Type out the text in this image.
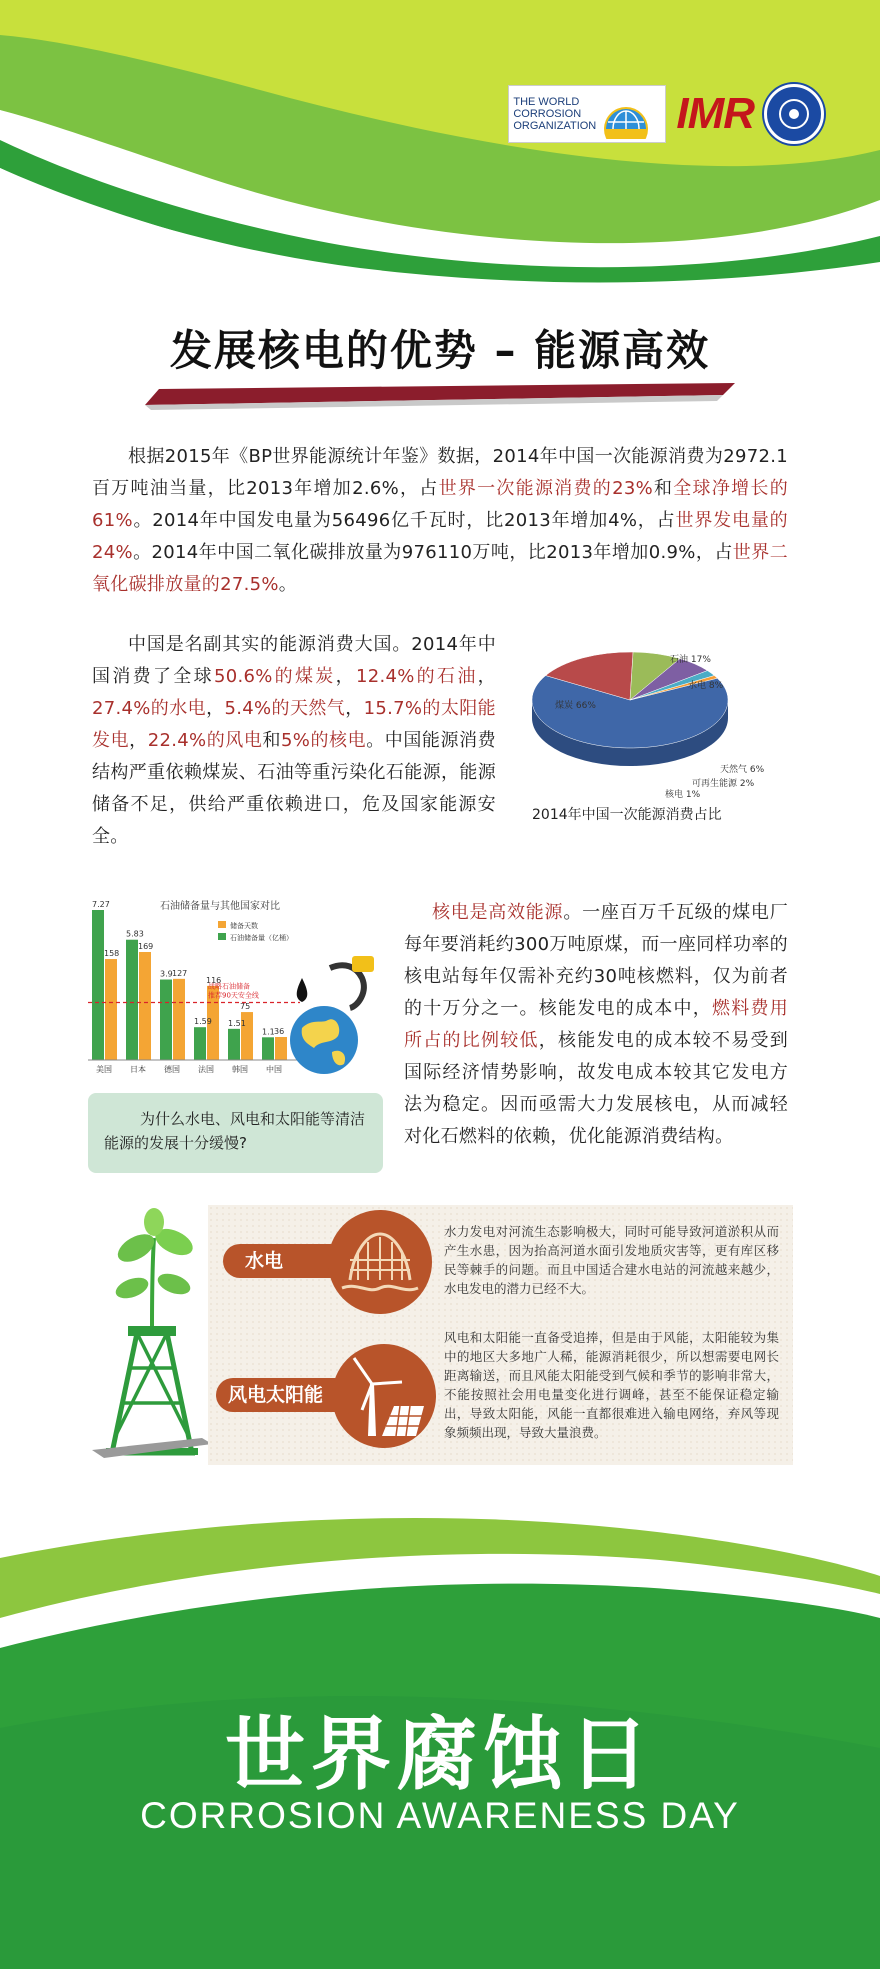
THE WORLD
CORROSION
ORGANIZATION IMR
发展核电的优势 – 能源高效
根据2015年《BP世界能源统计年鉴》数据，2014年中国一次能源消费为2972.1百万吨油当量，比2013年增加2.6%，占世界一次能源消费的23%和全球净增长的61%。2014年中国发电量为56496亿千瓦时，比2013年增加4%，占世界发电量的24%。2014年中国二氧化碳排放量为976110万吨，比2013年增加0.9%，占世界二氧化碳排放量的27.5%。
中国是名副其实的能源消费大国。2014年中国消费了全球50.6%的煤炭，12.4%的石油，27.4%的水电，5.4%的天然气，15.7%的太阳能发电，22.4%的风电和5%的核电。中国能源消费结构严重依赖煤炭、石油等重污染化石能源，能源储备不足，供给严重依赖进口，危及国家能源安全。
煤炭 66%
石油 17%
水电 8%
天然气 6%
可再生能源 2%
核电 1%
2014年中国一次能源消费占比
石油储备量与其他国家对比
储备天数
石油储备量（亿桶）
7.27
158
美国
5.83
169
日本
3.9 127
德国
1.59
116
法国
1.51
75
韩国
1.1 36
中国
战略石油储备
推荐90天安全线
为什么水电、风电和太阳能等清洁能源的发展十分缓慢?
核电是高效能源。一座百万千瓦级的煤电厂每年要消耗约300万吨原煤，而一座同样功率的核电站每年仅需补充约30吨核燃料，仅为前者的十万分之一。核能发电的成本中，燃料费用所占的比例较低，核能发电的成本较不易受到国际经济情势影响，故发电成本较其它发电方法为稳定。因而亟需大力发展核电，从而减轻对化石燃料的依赖，优化能源消费结构。
水电
水力发电对河流生态影响极大，同时可能导致河道淤积从而产生水患，因为抬高河道水面引发地质灾害等，更有库区移民等棘手的问题。而且中国适合建水电站的河流越来越少，水电发电的潜力已经不大。
风电太阳能
风电和太阳能一直备受追捧，但是由于风能，太阳能较为集中的地区大多地广人稀，能源消耗很少，所以想需要电网长距离输送，而且风能太阳能受到气候和季节的影响非常大，不能按照社会用电量变化进行调峰，甚至不能保证稳定输出，导致太阳能，风能一直都很难进入输电网络，弃风等现象频频出现，导致大量浪费。
世界腐蚀日
CORROSION AWARENESS DAY
